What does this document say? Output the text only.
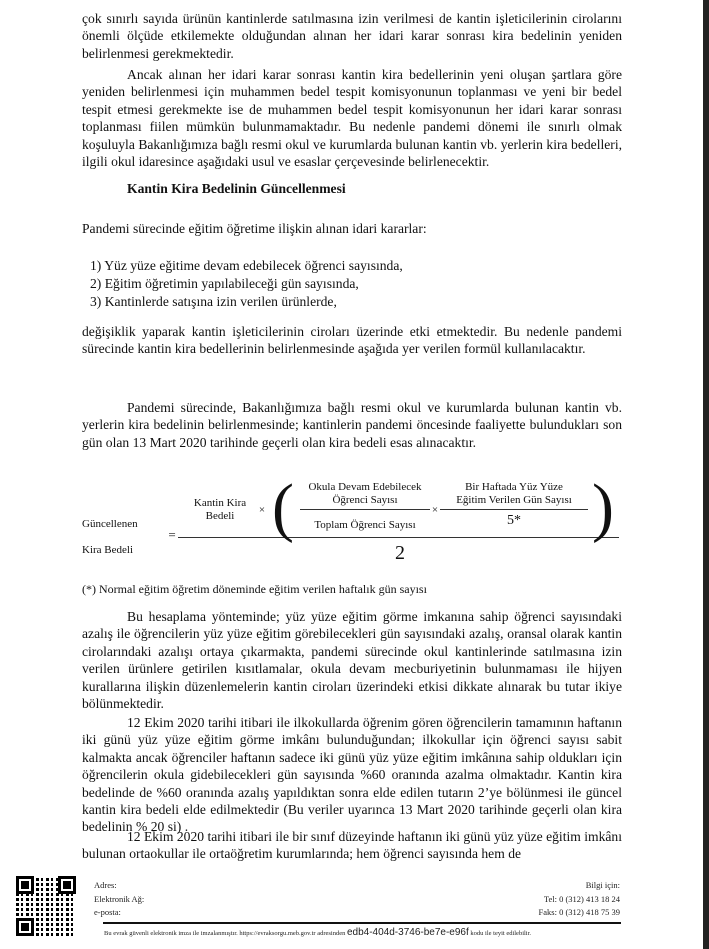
çok sınırlı sayıda ürünün kantinlerde satılmasına izin verilmesi de kantin işleticilerinin cirolarını önemli ölçüde etkilemekte olduğundan alınan her idari karar sonrası kira bedelinin yeniden belirlenmesi gerekmektedir.
Ancak alınan her idari karar sonrası kantin kira bedellerinin yeni oluşan şartlara göre yeniden belirlenmesi için muhammen bedel tespit komisyonunun toplanması ve yeni bir bedel tespit etmesi gerekmekte ise de muhammen bedel tespit komisyonunun her idari karar sonrası toplanması fiilen mümkün bulunmamaktadır. Bu nedenle pandemi dönemi ile sınırlı olmak koşuluyla Bakanlığımıza bağlı resmi okul ve kurumlarda bulunan kantin vb. yerlerin kira bedelleri, ilgili okul idaresince aşağıdaki usul ve esaslar çerçevesinde belirlenecektir.
Kantin Kira Bedelinin Güncellenmesi
Pandemi sürecinde eğitim öğretime ilişkin alınan idari kararlar:
1) Yüz yüze eğitime devam edebilecek öğrenci sayısında,
2) Eğitim öğretimin yapılabileceği gün sayısında,
3) Kantinlerde satışına izin verilen ürünlerde,
değişiklik yaparak kantin işleticilerinin ciroları üzerinde etki etmektedir. Bu nedenle pandemi sürecinde kantin kira bedellerinin belirlenmesinde aşağıda yer verilen formül kullanılacaktır.
Pandemi sürecinde, Bakanlığımıza bağlı resmi okul ve kurumlarda bulunan kantin vb. yerlerin kira bedelinin belirlenmesinde; kantinlerin pandemi öncesinde faaliyette bulundukları son gün olan 13 Mart 2020 tarihinde geçerli olan kira bedeli esas alınacaktır.
Güncellenen
Kira Bedeli
=
Kantin Kira
Bedeli	× (	)
Okula Devam Edebilecek
Öğrenci Sayısı
Toplam Öğrenci Sayısı
×
Bir Haftada Yüz Yüze
Eğitim Verilen Gün Sayısı
5*
2
(*) Normal eğitim öğretim döneminde eğitim verilen haftalık gün sayısı
Bu hesaplama yönteminde; yüz yüze eğitim görme imkanına sahip öğrenci sayısındaki azalış ile öğrencilerin yüz yüze eğitim görebilecekleri gün sayısındaki azalış, oransal olarak kantin cirolarındaki azalışı ortaya çıkarmakta, pandemi sürecinde okul kantinlerinde satılmasına izin verilen ürünlere getirilen kısıtlamalar, okula devam mecburiyetinin bulunmaması ile hijyen kurallarına ilişkin düzenlemelerin kantin ciroları üzerindeki etkisi dikkate alınarak bu tutar ikiye bölünmektedir.
12 Ekim 2020 tarihi itibari ile ilkokullarda öğrenim gören öğrencilerin tamamının haftanın iki günü yüz yüze eğitim görme imkânı bulunduğundan; ilkokullar için öğrenci sayısı sabit kalmakta ancak öğrenciler haftanın sadece iki günü yüz yüze eğitim imkânına sahip oldukları için öğrencilerin okula gidebilecekleri gün sayısında %60 oranında azalma olmaktadır. Kantin kira bedelinde de %60 oranında azalış yapıldıktan sonra elde edilen tutarın 2’ye bölünmesi ile güncel kantin kira bedeli elde edilmektedir (Bu veriler uyarınca 13 Mart 2020 tarihinde geçerli olan kira bedelinin % 20 si) .
12 Ekim 2020 tarihi itibari ile bir sınıf düzeyinde haftanın iki günü yüz yüze eğitim imkânı bulunan ortaokullar ile ortaöğretim kurumlarında; hem öğrenci sayısında hem de
Adres:
Elektronik Ağ:
e-posta:
Bilgi için:
Tel: 0 (312) 413 18 24
Faks: 0 (312) 418 75 39
Bu evrak güvenli elektronik imza ile imzalanmıştır. https://evraksorgu.meb.gov.tr adresinden edb4-404d-3746-be7e-e96f kodu ile teyit edilebilir.
